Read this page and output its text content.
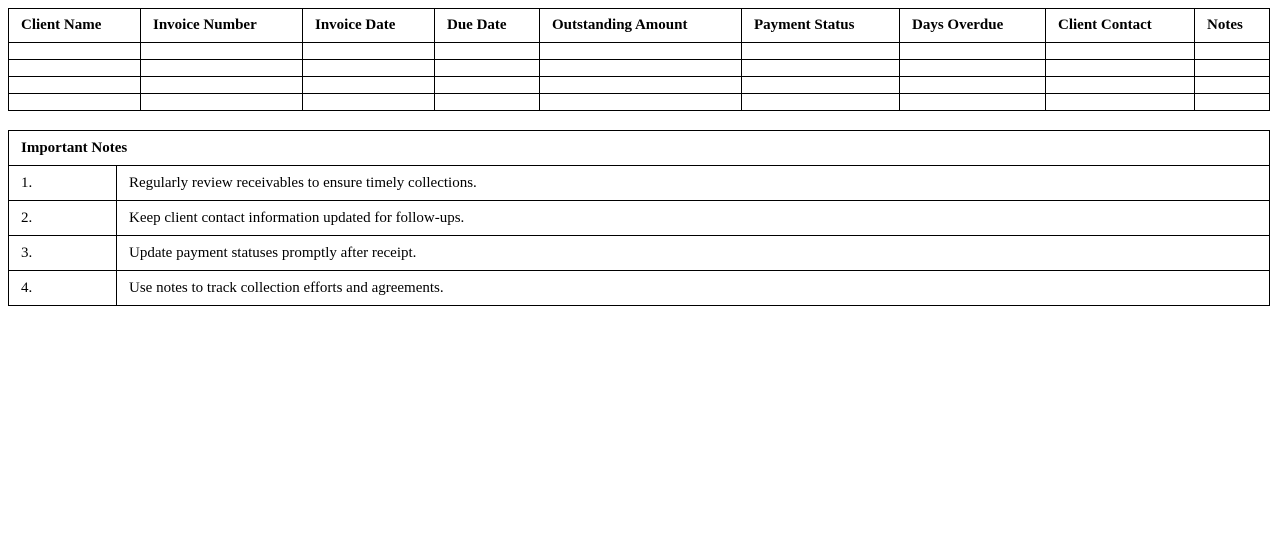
Client Name	Invoice Number	Invoice Date	Due Date	Outstanding Amount	Payment Status	Days Overdue	Client Contact	Notes

Important Notes	
1.	Regularly review receivables to ensure timely collections.
2.	Keep client contact information updated for follow-ups.
3.	Update payment statuses promptly after receipt.
4.	Use notes to track collection efforts and agreements.
